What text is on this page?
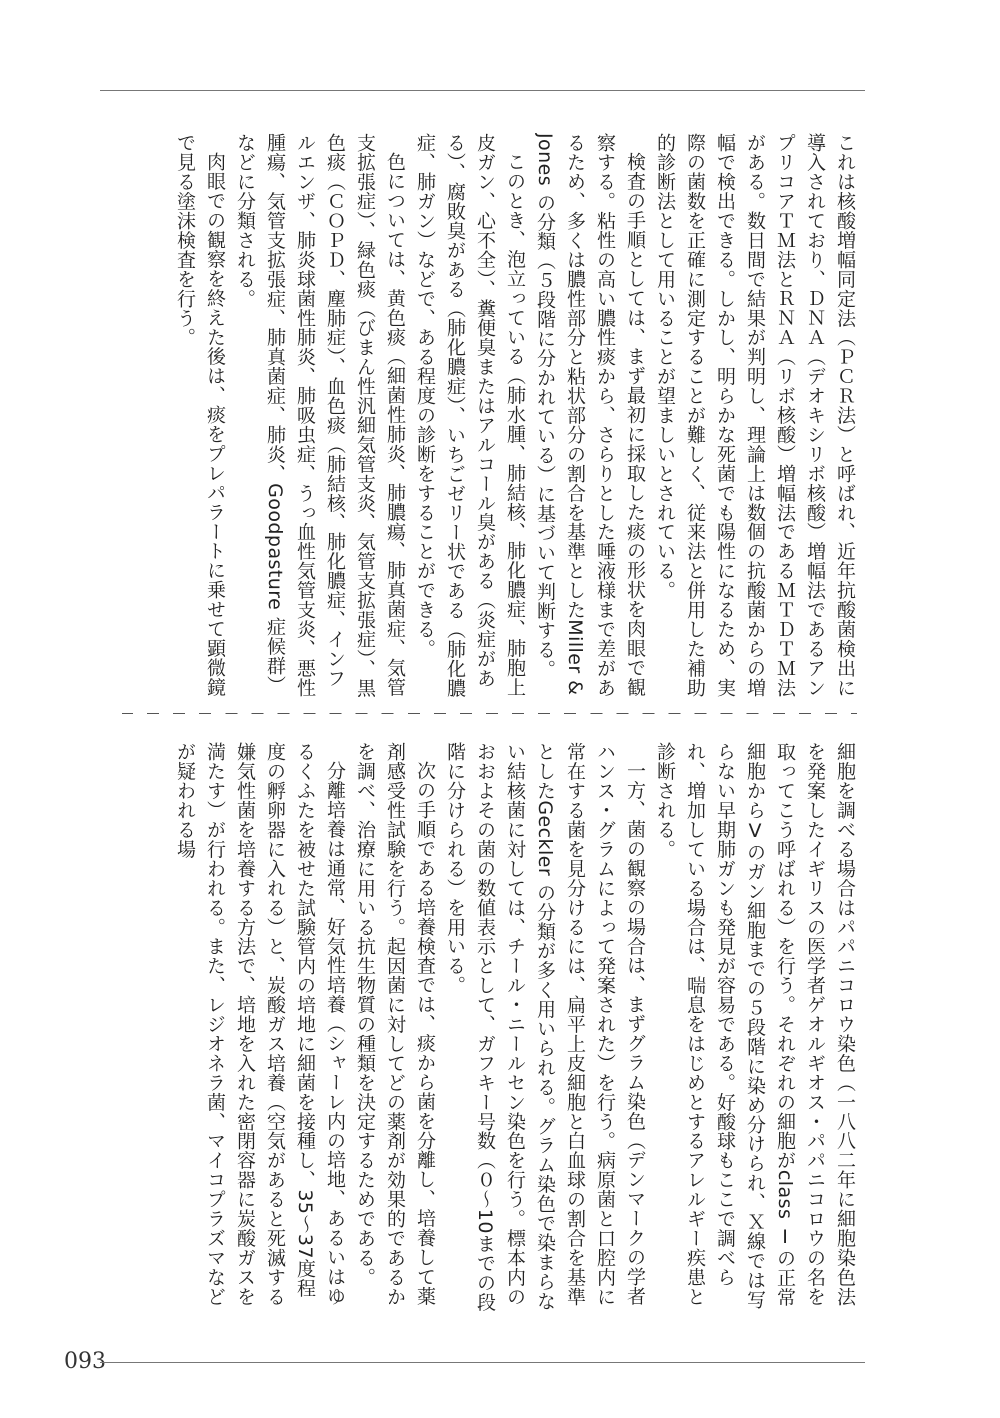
これは核酸増幅同定法（ＰＣＲ法）と呼ばれ、近年抗酸菌検出に導入されており、ＤＮＡ（デオキシリボ核酸）増幅法であるアンプリコアＴＭ法とＲＮＡ（リボ核酸）増幅法であるＭＴＤＴＭ法がある。数日間で結果が判明し、理論上は数個の抗酸菌からの増幅で検出できる。しかし、明らかな死菌でも陽性になるため、実際の菌数を正確に測定することが難しく、従来法と併用した補助的診断法として用いることが望ましいとされている。

検査の手順としては、まず最初に採取した痰の形状を肉眼で観察する。粘性の高い膿性痰から、さらりとした唾液様まで差があるため、多くは膿性部分と粘状部分の割合を基準としたMiller & Jones の分類（５段階に分かれている）に基づいて判断する。

このとき、泡立っている（肺水腫、肺結核、肺化膿症、肺胞上皮ガン、心不全）、糞便臭またはアルコール臭がある（炎症がある）、腐敗臭がある（肺化膿症）、いちごゼリー状である（肺化膿症、肺ガン）などで、ある程度の診断をすることができる。

色については、黄色痰（細菌性肺炎、肺膿瘍、肺真菌症、気管支拡張症）、緑色痰（びまん性汎細気管支炎、気管支拡張症）、黒色痰（ＣＯＰＤ、塵肺症）、血色痰（肺結核、肺化膿症、インフルエンザ、肺炎球菌性肺炎、肺吸虫症、うっ血性気管支炎、悪性腫瘍、気管支拡張症、肺真菌症、肺炎、Goodpasture 症候群）などに分類される。

肉眼での観察を終えた後は、痰をプレパラートに乗せて顕微鏡で見る塗沫検査を行う。

細胞を調べる場合はパパニコロウ染色（一八八二年に細胞染色法を発案したイギリスの医学者ゲオルギオス・パパニコロウの名を取ってこう呼ばれる）を行う。それぞれの細胞がclass Ⅰの正常細胞からⅤのガン細胞までの５段階に染め分けられ、Ｘ線では写らない早期肺ガンも発見が容易である。好酸球もここで調べられ、増加している場合は、喘息をはじめとするアレルギー疾患と診断される。

一方、菌の観察の場合は、まずグラム染色（デンマークの学者ハンス・グラムによって発案された）を行う。病原菌と口腔内に常在する菌を見分けるには、扁平上皮細胞と白血球の割合を基準としたGeckler の分類が多く用いられる。グラム染色で染まらない結核菌に対しては、チール・ニールセン染色を行う。標本内のおおよその菌の数値表示として、ガフキー号数（０～10までの段階に分けられる）を用いる。

次の手順である培養検査では、痰から菌を分離し、培養して薬剤感受性試験を行う。起因菌に対してどの薬剤が効果的であるかを調べ、治療に用いる抗生物質の種類を決定するためである。

分離培養は通常、好気性培養（シャーレ内の培地、あるいはゆるくふたを被せた試験管内の培地に細菌を接種し、35～37度程度の孵卵器に入れる）と、炭酸ガス培養（空気があると死滅する嫌気性菌を培養する方法で、培地を入れた密閉容器に炭酸ガスを満たす）が行われる。また、レジオネラ菌、マイコプラズマなどが疑われる場

093
